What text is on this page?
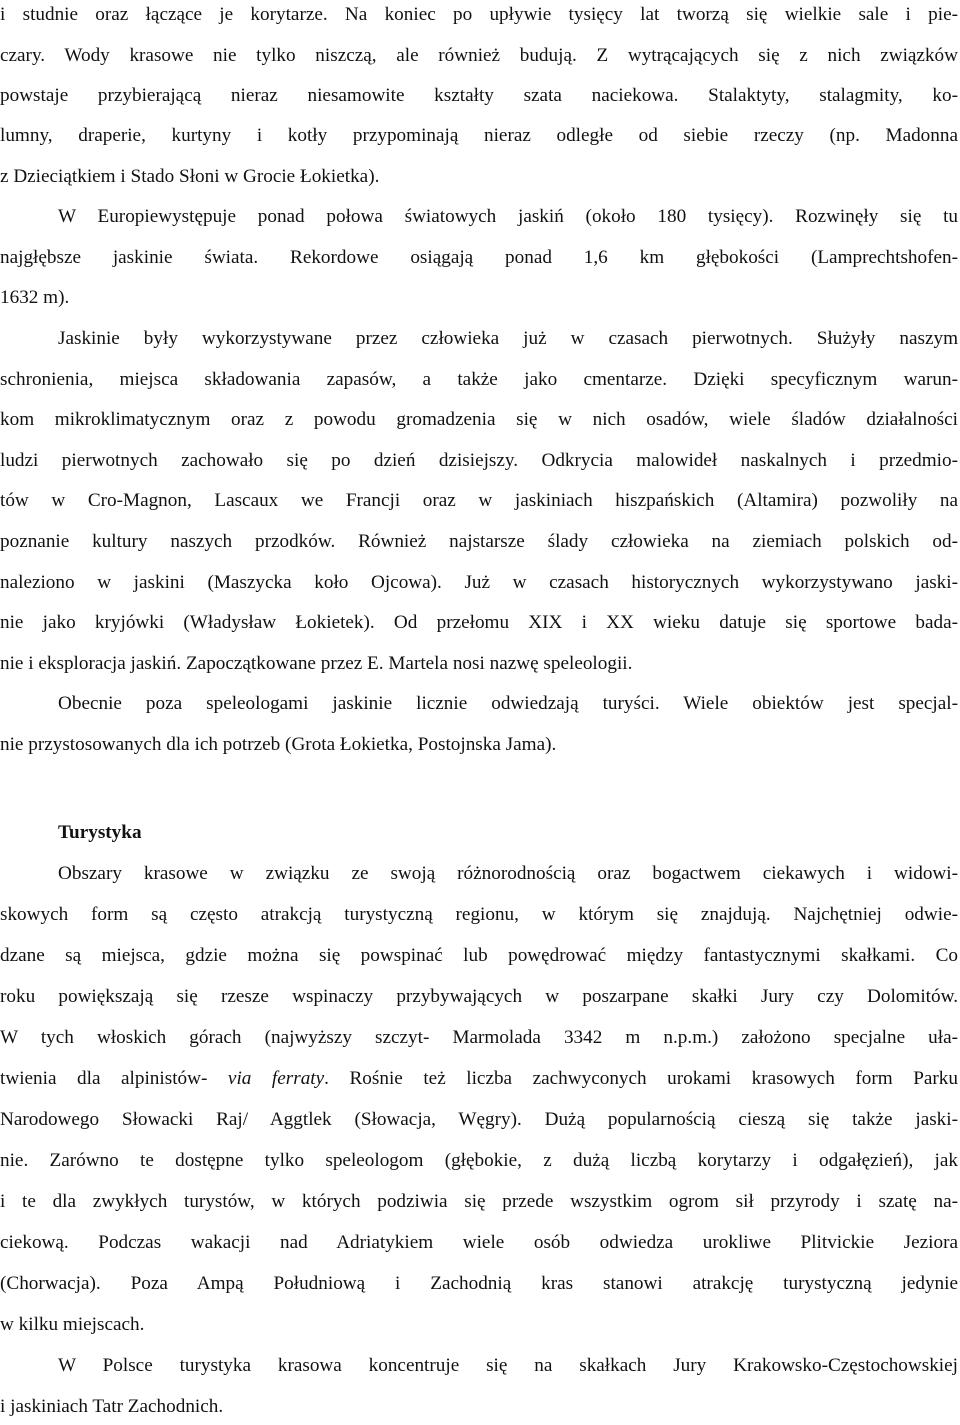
i studnie oraz łączące je korytarze. Na koniec po upływie tysięcy lat tworzą się wielkie sale i pie-
czary. Wody krasowe nie tylko niszczą, ale również budują. Z wytrącających się z nich związków
powstaje przybierającą nieraz niesamowite kształty szata naciekowa. Stalaktyty, stalagmity, ko-
lumny, draperie, kurtyny i kotły przypominają nieraz odległe od siebie rzeczy (np. Madonna
z Dzieciątkiem i Stado Słoni w Grocie Łokietka).
W Europiewystępuje ponad połowa światowych jaskiń (około 180 tysięcy). Rozwinęły się tu
najgłębsze jaskinie świata. Rekordowe osiągają ponad 1,6 km głębokości (Lamprechtshofen-
1632 m).
Jaskinie były wykorzystywane przez człowieka już w czasach pierwotnych. Służyły naszym
schronienia, miejsca składowania zapasów, a także jako cmentarze. Dzięki specyficznym warun-
kom mikroklimatycznym oraz z powodu gromadzenia się w nich osadów, wiele śladów działalności
ludzi pierwotnych zachowało się po dzień dzisiejszy. Odkrycia malowideł naskalnych i przedmio-
tów w Cro-Magnon, Lascaux we Francji oraz w jaskiniach hiszpańskich (Altamira) pozwoliły na
poznanie kultury naszych przodków. Również najstarsze ślady człowieka na ziemiach polskich od-
naleziono w jaskini (Maszycka koło Ojcowa). Już w czasach historycznych wykorzystywano jaski-
nie jako kryjówki (Władysław Łokietek). Od przełomu XIX i XX wieku datuje się sportowe bada-
nie i eksploracja jaskiń. Zapoczątkowane przez E. Martela nosi nazwę speleologii.
Obecnie poza speleologami jaskinie licznie odwiedzają turyści. Wiele obiektów jest specjal-
nie przystosowanych dla ich potrzeb (Grota Łokietka, Postojnska Jama).
Turystyka
Obszary krasowe w związku ze swoją różnorodnością oraz bogactwem ciekawych i widowi-
skowych form są często atrakcją turystyczną regionu, w którym się znajdują. Najchętniej odwie-
dzane są miejsca, gdzie można się powspinać lub powędrować między fantastycznymi skałkami. Co
roku powiększają się rzesze wspinaczy przybywających w poszarpane skałki Jury czy Dolomitów.
W tych włoskich górach (najwyższy szczyt- Marmolada 3342 m n.p.m.) założono specjalne uła-
twienia dla alpinistów- via ferraty. Rośnie też liczba zachwyconych urokami krasowych form Parku
Narodowego Słowacki Raj/ Aggtlek (Słowacja, Węgry). Dużą popularnością cieszą się także jaski-
nie. Zarówno te dostępne tylko speleologom (głębokie, z dużą liczbą korytarzy i odgałęzień), jak
i te dla zwykłych turystów, w których podziwia się przede wszystkim ogrom sił przyrody i szatę na-
ciekową. Podczas wakacji nad Adriatykiem wiele osób odwiedza urokliwe Plitvickie Jeziora
(Chorwacja). Poza Ampą Południową i Zachodnią kras stanowi atrakcję turystyczną jedynie
w kilku miejscach.
W Polsce turystyka krasowa koncentruje się na skałkach Jury Krakowsko-Częstochowskiej
i jaskiniach Tatr Zachodnich.
